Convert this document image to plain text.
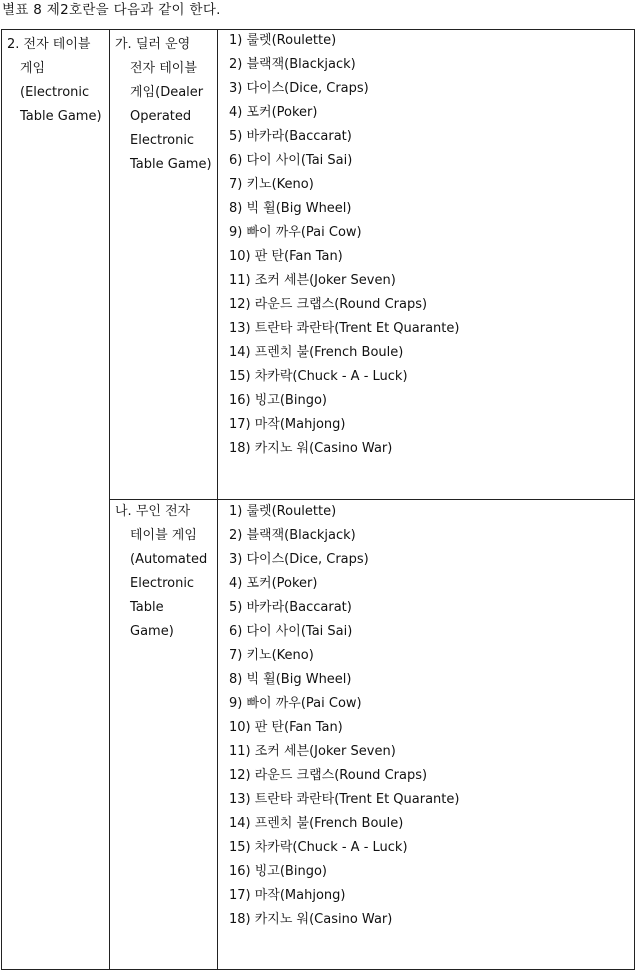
별표 8 제2호란을 다음과 같이 한다.
2. 전자 테이블
게임
(Electronic
Table Game)
가. 딜러 운영
전자 테이블
게임(Dealer
Operated
Electronic
Table Game)
1) 룰렛(Roulette)
2) 블랙잭(Blackjack)
3) 다이스(Dice, Craps)
4) 포커(Poker)
5) 바카라(Baccarat)
6) 다이 사이(Tai Sai)
7) 키노(Keno)
8) 빅 휠(Big Wheel)
9) 빠이 까우(Pai Cow)
10) 판 탄(Fan Tan)
11) 조커 세븐(Joker Seven)
12) 라운드 크랩스(Round Craps)
13) 트란타 콰란타(Trent Et Quarante)
14) 프렌치 불(French Boule)
15) 차카락(Chuck - A - Luck)
16) 빙고(Bingo)
17) 마작(Mahjong)
18) 카지노 워(Casino War)
나. 무인 전자
테이블 게임
(Automated
Electronic
Table
Game)
1) 룰렛(Roulette)
2) 블랙잭(Blackjack)
3) 다이스(Dice, Craps)
4) 포커(Poker)
5) 바카라(Baccarat)
6) 다이 사이(Tai Sai)
7) 키노(Keno)
8) 빅 휠(Big Wheel)
9) 빠이 까우(Pai Cow)
10) 판 탄(Fan Tan)
11) 조커 세븐(Joker Seven)
12) 라운드 크랩스(Round Craps)
13) 트란타 콰란타(Trent Et Quarante)
14) 프렌치 불(French Boule)
15) 차카락(Chuck - A - Luck)
16) 빙고(Bingo)
17) 마작(Mahjong)
18) 카지노 워(Casino War)
